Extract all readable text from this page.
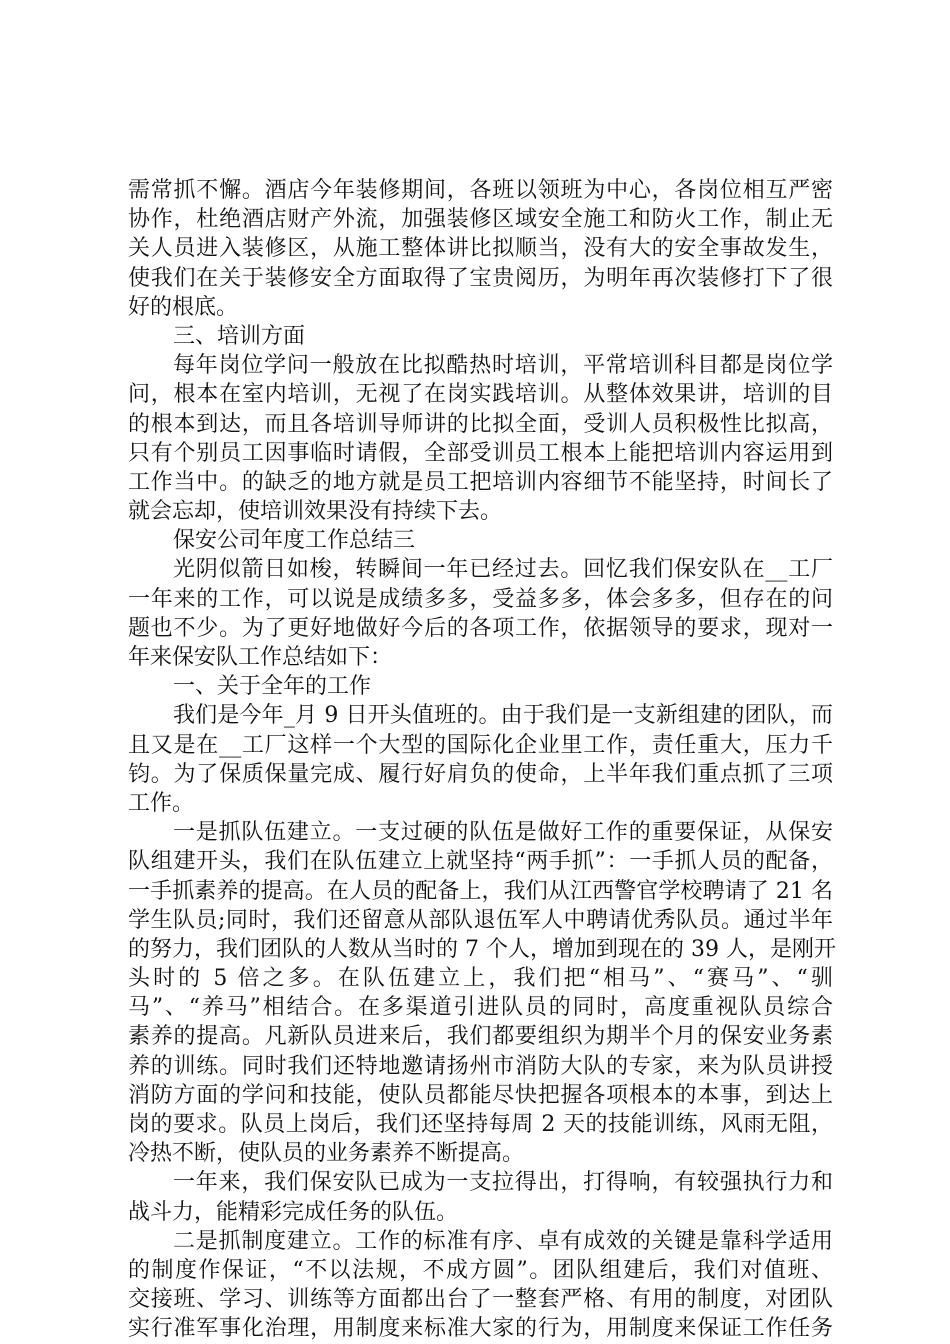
需常抓不懈。酒店今年装修期间，各班以领班为中心，各岗位相互严密
协作，杜绝酒店财产外流，加强装修区域安全施工和防火工作，制止无
关人员进入装修区，从施工整体讲比拟顺当，没有大的安全事故发生，
使我们在关于装修安全方面取得了宝贵阅历，为明年再次装修打下了很
好的根底。
三、培训方面
每年岗位学问一般放在比拟酷热时培训，平常培训科目都是岗位学
问，根本在室内培训，无视了在岗实践培训。从整体效果讲，培训的目
的根本到达，而且各培训导师讲的比拟全面，受训人员积极性比拟高，
只有个别员工因事临时请假，全部受训员工根本上能把培训内容运用到
工作当中。的缺乏的地方就是员工把培训内容细节不能坚持，时间长了
就会忘却，使培训效果没有持续下去。
保安公司年度工作总结三
光阴似箭日如梭，转瞬间一年已经过去。回忆我们保安队在__工厂
一年来的工作，可以说是成绩多多，受益多多，体会多多，但存在的问
题也不少。为了更好地做好今后的各项工作，依据领导的要求，现对一
年来保安队工作总结如下：
一、关于全年的工作
我们是今年_月 9 日开头值班的。由于我们是一支新组建的团队，而
且又是在__工厂这样一个大型的国际化企业里工作，责任重大，压力千
钧。为了保质保量完成、履行好肩负的使命，上半年我们重点抓了三项
工作。
一是抓队伍建立。一支过硬的队伍是做好工作的重要保证，从保安
队组建开头，我们在队伍建立上就坚持“两手抓”：一手抓人员的配备，
一手抓素养的提高。在人员的配备上，我们从江西警官学校聘请了 21 名
学生队员;同时，我们还留意从部队退伍军人中聘请优秀队员。通过半年
的努力，我们团队的人数从当时的 7 个人，增加到现在的 39 人，是刚开
头时的 5 倍之多。在队伍建立上，我们把“相马”、“赛马”、“驯
马”、“养马”相结合。在多渠道引进队员的同时，高度重视队员综合
素养的提高。凡新队员进来后，我们都要组织为期半个月的保安业务素
养的训练。同时我们还特地邀请扬州市消防大队的专家，来为队员讲授
消防方面的学问和技能，使队员都能尽快把握各项根本的本事，到达上
岗的要求。队员上岗后，我们还坚持每周 2 天的技能训练，风雨无阻，
冷热不断，使队员的业务素养不断提高。
一年来，我们保安队已成为一支拉得出，打得响，有较强执行力和
战斗力，能精彩完成任务的队伍。
二是抓制度建立。工作的标准有序、卓有成效的关键是靠科学适用
的制度作保证，“不以法规，不成方圆”。团队组建后，我们对值班、
交接班、学习、训练等方面都出台了一整套严格、有用的制度，对团队
实行准军事化治理，用制度来标准大家的行为，用制度来保证工作任务
